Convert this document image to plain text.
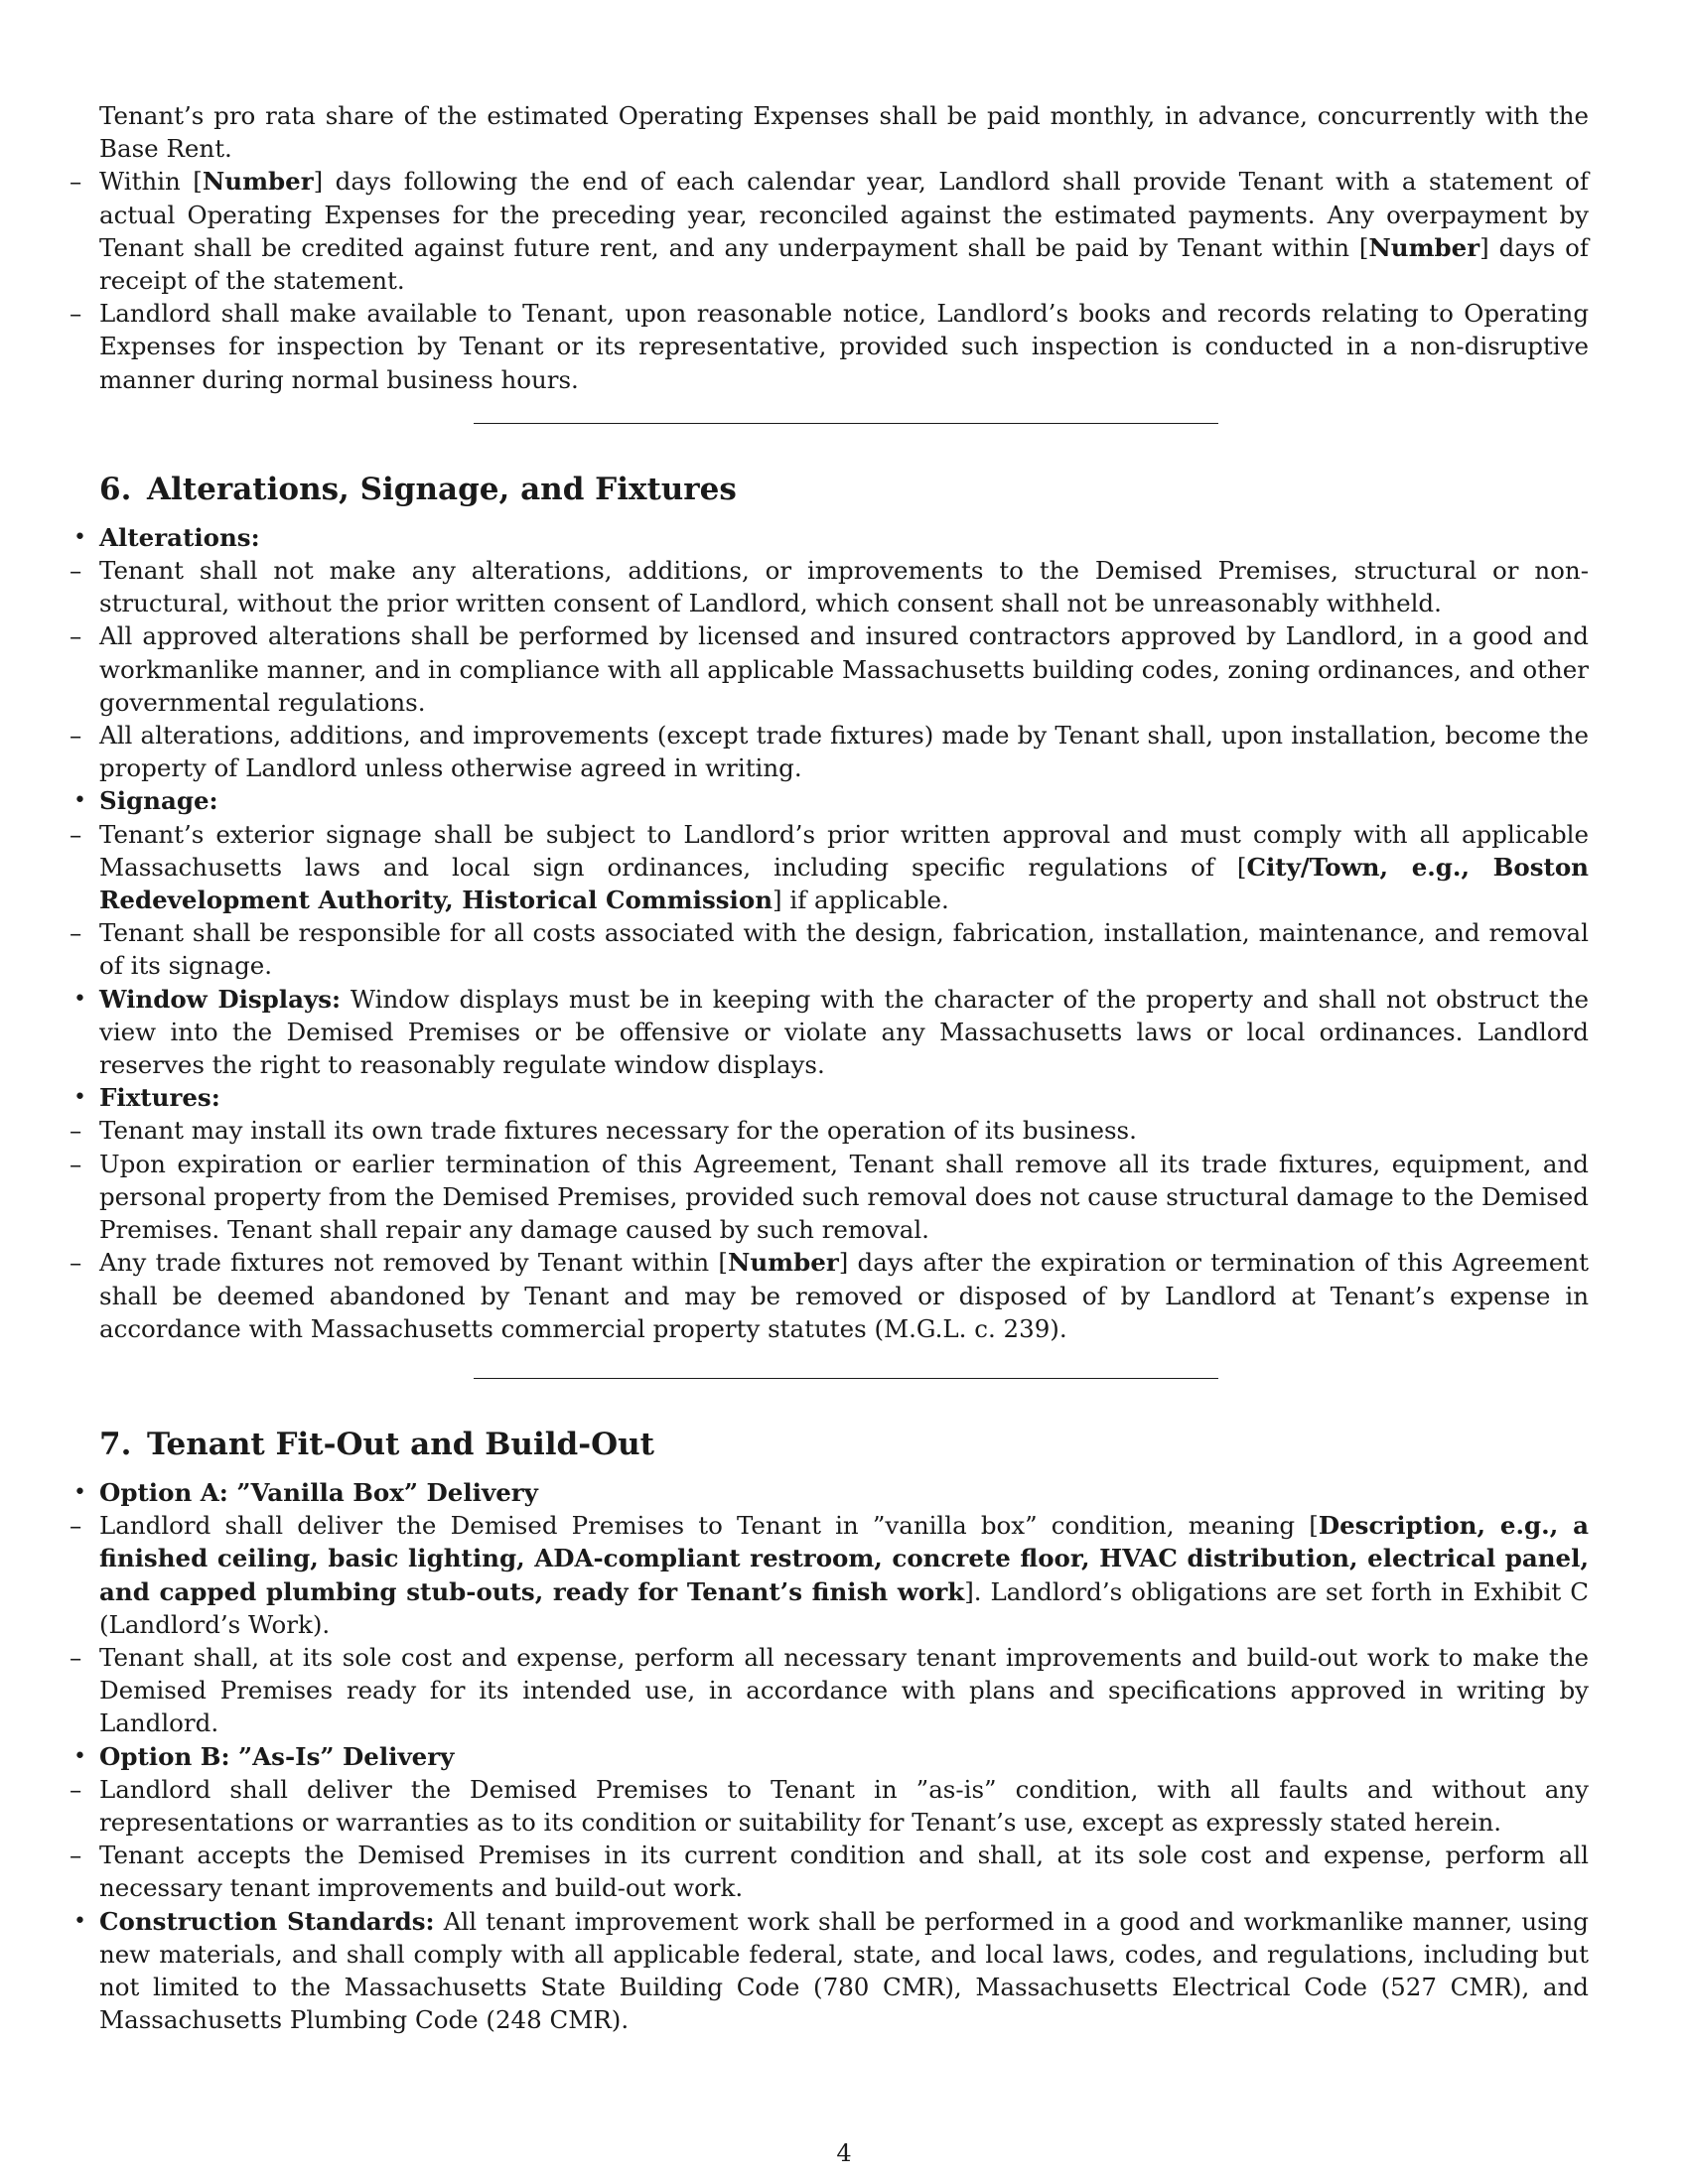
Tenant’s pro rata share of the estimated Operating Expenses shall be paid monthly, in advance, concurrently with the Base Rent.

– Within [Number] days following the end of each calendar year, Landlord shall provide Tenant with a statement of actual Operating Expenses for the preceding year, reconciled against the estimated payments. Any overpayment by Tenant shall be credited against future rent, and any underpayment shall be paid by Tenant within [Number] days of receipt of the statement.

– Landlord shall make available to Tenant, upon reasonable notice, Landlord’s books and records relating to Operating Expenses for inspection by Tenant or its representative, provided such inspection is conducted in a non-disruptive manner during normal business hours.

6. Alterations, Signage, and Fixtures

• Alterations:

– Tenant shall not make any alterations, additions, or improvements to the Demised Premises, structural or non-structural, without the prior written consent of Landlord, which consent shall not be unreasonably withheld.

– All approved alterations shall be performed by licensed and insured contractors approved by Landlord, in a good and workmanlike manner, and in compliance with all applicable Massachusetts building codes, zoning ordinances, and other governmental regulations.

– All alterations, additions, and improvements (except trade fixtures) made by Tenant shall, upon installation, become the property of Landlord unless otherwise agreed in writing.

• Signage:

– Tenant’s exterior signage shall be subject to Landlord’s prior written approval and must comply with all applicable Massachusetts laws and local sign ordinances, including specific regulations of [City/Town, e.g., Boston Redevelopment Authority, Historical Commission] if applicable.

– Tenant shall be responsible for all costs associated with the design, fabrication, installation, maintenance, and removal of its signage.

• Window Displays: Window displays must be in keeping with the character of the property and shall not obstruct the view into the Demised Premises or be offensive or violate any Massachusetts laws or local ordinances. Landlord reserves the right to reasonably regulate window displays.

• Fixtures:

– Tenant may install its own trade fixtures necessary for the operation of its business.

– Upon expiration or earlier termination of this Agreement, Tenant shall remove all its trade fixtures, equipment, and personal property from the Demised Premises, provided such removal does not cause structural damage to the Demised Premises. Tenant shall repair any damage caused by such removal.

– Any trade fixtures not removed by Tenant within [Number] days after the expiration or termination of this Agreement shall be deemed abandoned by Tenant and may be removed or disposed of by Landlord at Tenant’s expense in accordance with Massachusetts commercial property statutes (M.G.L. c. 239).

7. Tenant Fit-Out and Build-Out

• Option A: ”Vanilla Box” Delivery

– Landlord shall deliver the Demised Premises to Tenant in ”vanilla box” condition, meaning [Description, e.g., a finished ceiling, basic lighting, ADA-compliant restroom, concrete floor, HVAC distribution, electrical panel, and capped plumbing stub-outs, ready for Tenant’s finish work]. Landlord’s obligations are set forth in Exhibit C (Landlord’s Work).

– Tenant shall, at its sole cost and expense, perform all necessary tenant improvements and build-out work to make the Demised Premises ready for its intended use, in accordance with plans and specifications approved in writing by Landlord.

• Option B: ”As-Is” Delivery

– Landlord shall deliver the Demised Premises to Tenant in ”as-is” condition, with all faults and without any representations or warranties as to its condition or suitability for Tenant’s use, except as expressly stated herein.

– Tenant accepts the Demised Premises in its current condition and shall, at its sole cost and expense, perform all necessary tenant improvements and build-out work.

• Construction Standards: All tenant improvement work shall be performed in a good and workmanlike manner, using new materials, and shall comply with all applicable federal, state, and local laws, codes, and regulations, including but not limited to the Massachusetts State Building Code (780 CMR), Massachusetts Electrical Code (527 CMR), and Massachusetts Plumbing Code (248 CMR).

4
